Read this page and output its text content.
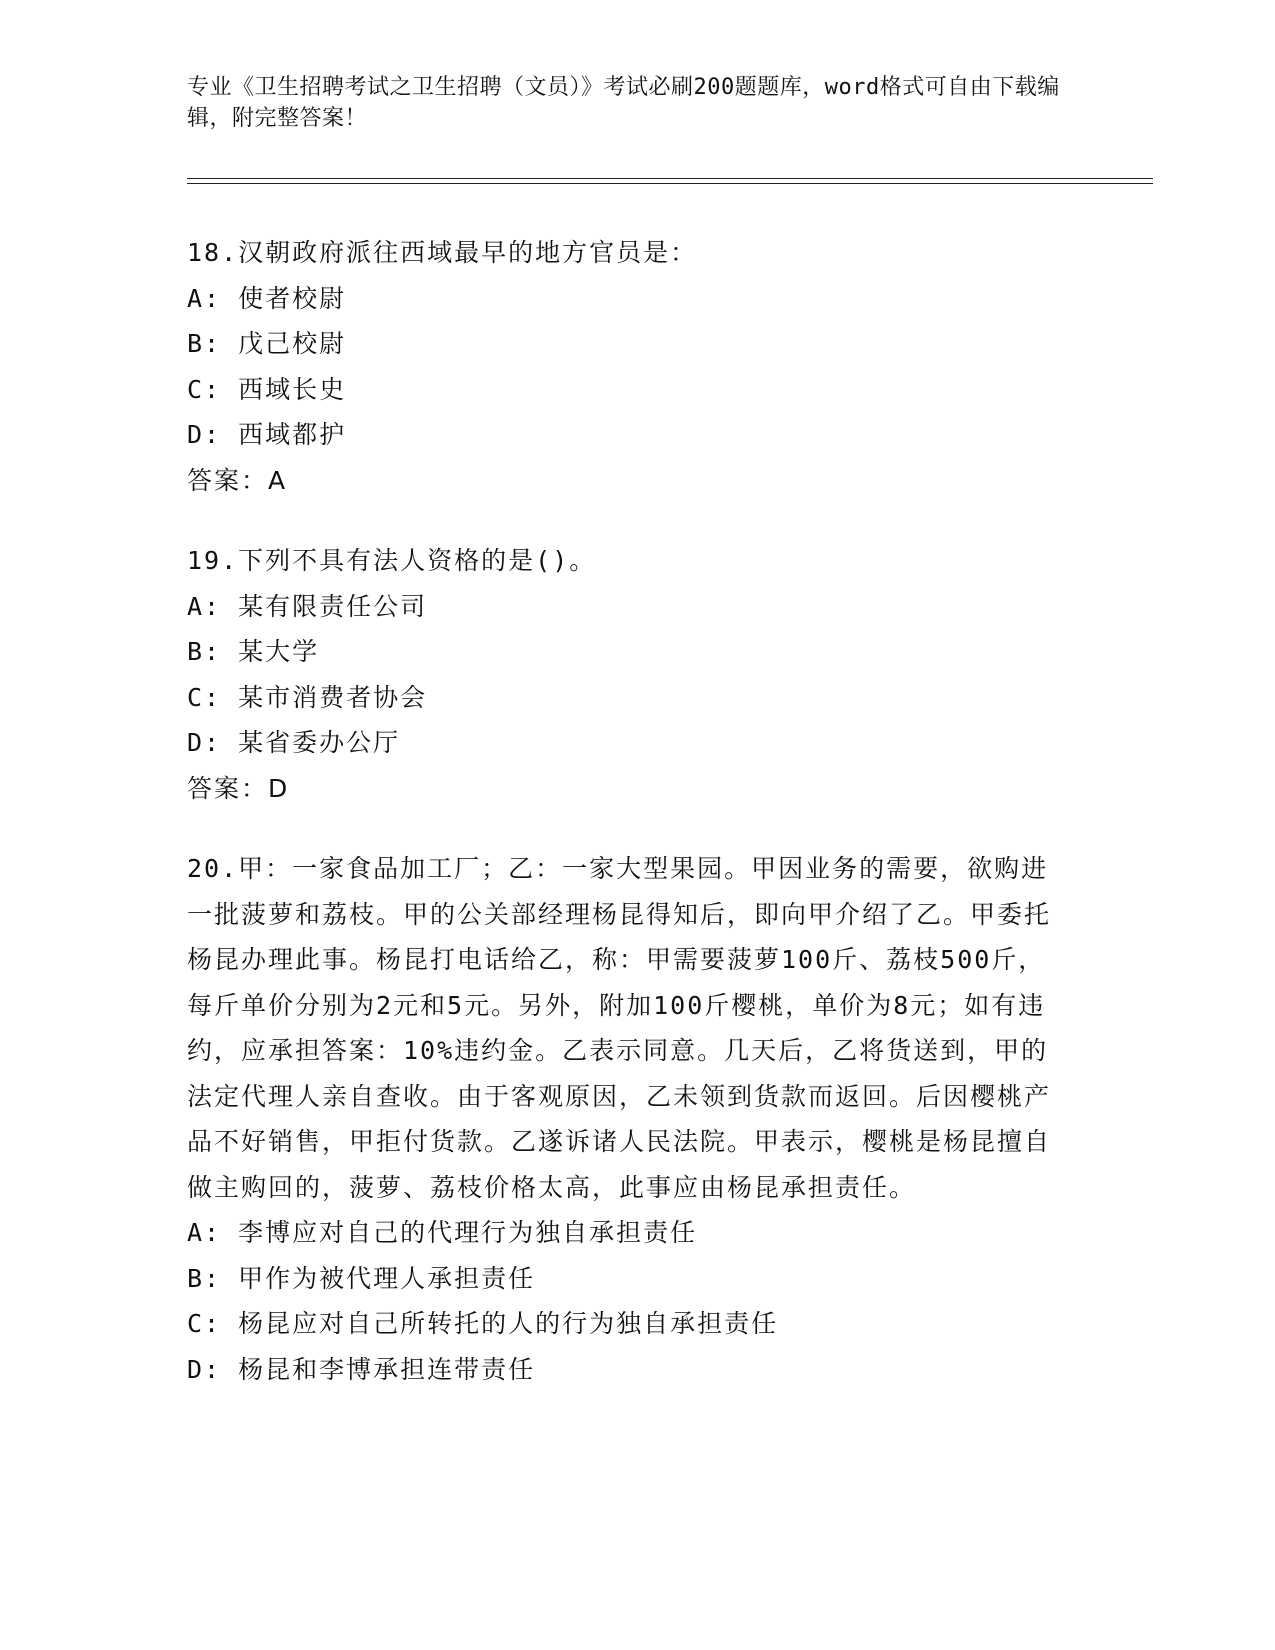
专业《卫生招聘考试之卫生招聘（文员）》考试必刷200题题库，word格式可自由下载编辑，附完整答案！
18.汉朝政府派往西域最早的地方官员是：
A: 使者校尉
B: 戊己校尉
C: 西域长史
D: 西域都护
答案：A
19.下列不具有法人资格的是()。
A: 某有限责任公司
B: 某大学
C: 某市消费者协会
D: 某省委办公厅
答案：D
20.甲：一家食品加工厂；乙：一家大型果园。甲因业务的需要，欲购进一批菠萝和荔枝。甲的公关部经理杨昆得知后，即向甲介绍了乙。甲委托杨昆办理此事。杨昆打电话给乙，称：甲需要菠萝100斤、荔枝500斤，每斤单价分别为2元和5元。另外，附加100斤樱桃，单价为8元；如有违约，应承担答案：10%违约金。乙表示同意。几天后，乙将货送到，甲的法定代理人亲自查收。由于客观原因，乙未领到货款而返回。后因樱桃产品不好销售，甲拒付货款。乙遂诉诸人民法院。甲表示，樱桃是杨昆擅自做主购回的，菠萝、荔枝价格太高，此事应由杨昆承担责任。
A: 李博应对自己的代理行为独自承担责任
B: 甲作为被代理人承担责任
C: 杨昆应对自己所转托的人的行为独自承担责任
D: 杨昆和李博承担连带责任
